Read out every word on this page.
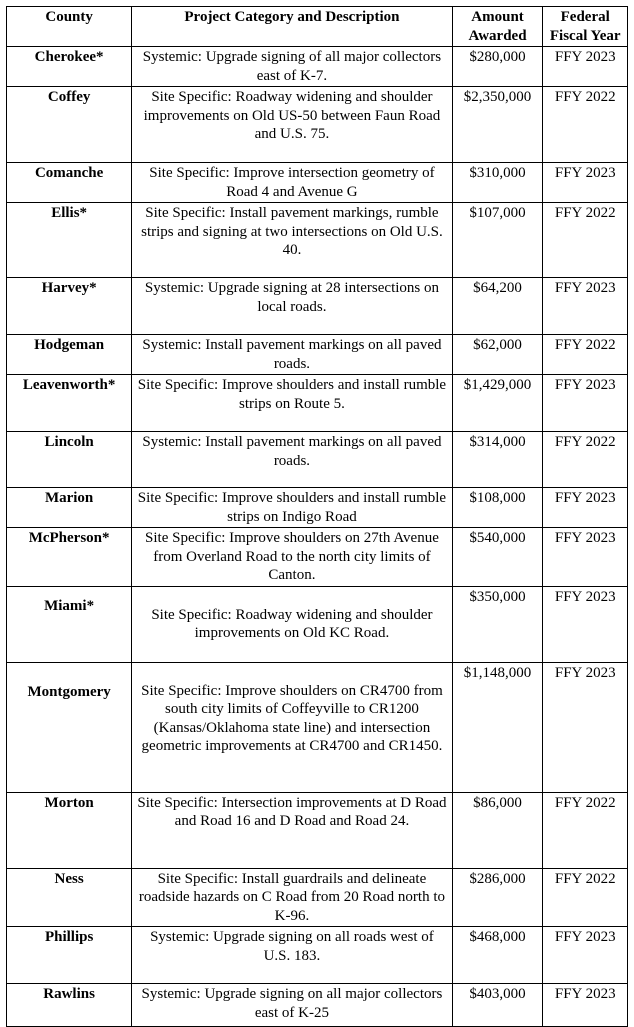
County	Project Category and Description	Amount Awarded	Federal Fiscal Year
Cherokee*	Systemic: Upgrade signing of all major collectors east of K-7.	$280,000	FFY 2023
Coffey	Site Specific: Roadway widening and shoulder improvements on Old US-50 between Faun Road and U.S. 75.	$2,350,000	FFY 2022
Comanche	Site Specific: Improve intersection geometry of Road 4 and Avenue G	$310,000	FFY 2023
Ellis*	Site Specific: Install pavement markings, rumble strips and signing at two intersections on Old U.S. 40.	$107,000	FFY 2022
Harvey*	Systemic: Upgrade signing at 28 intersections on local roads.	$64,200	FFY 2023
Hodgeman	Systemic: Install pavement markings on all paved roads.	$62,000	FFY 2022
Leavenworth*	Site Specific: Improve shoulders and install rumble strips on Route 5.	$1,429,000	FFY 2023
Lincoln	Systemic: Install pavement markings on all paved roads.	$314,000	FFY 2022
Marion	Site Specific: Improve shoulders and install rumble strips on Indigo Road	$108,000	FFY 2023
McPherson*	Site Specific: Improve shoulders on 27th Avenue from Overland Road to the north city limits of Canton.	$540,000	FFY 2023
Miami*	Site Specific: Roadway widening and shoulder improvements on Old KC Road.	$350,000	FFY 2023
Montgomery	Site Specific: Improve shoulders on CR4700 from south city limits of Coffeyville to CR1200 (Kansas/Oklahoma state line) and intersection geometric improvements at CR4700 and CR1450.	$1,148,000	FFY 2023
Morton	Site Specific: Intersection improvements at D Road and Road 16 and D Road and Road 24.	$86,000	FFY 2022
Ness	Site Specific: Install guardrails and delineate roadside hazards on C Road from 20 Road north to K-96.	$286,000	FFY 2022
Phillips	Systemic: Upgrade signing on all roads west of U.S. 183.	$468,000	FFY 2023
Rawlins	Systemic: Upgrade signing on all major collectors east of K-25	$403,000	FFY 2023
